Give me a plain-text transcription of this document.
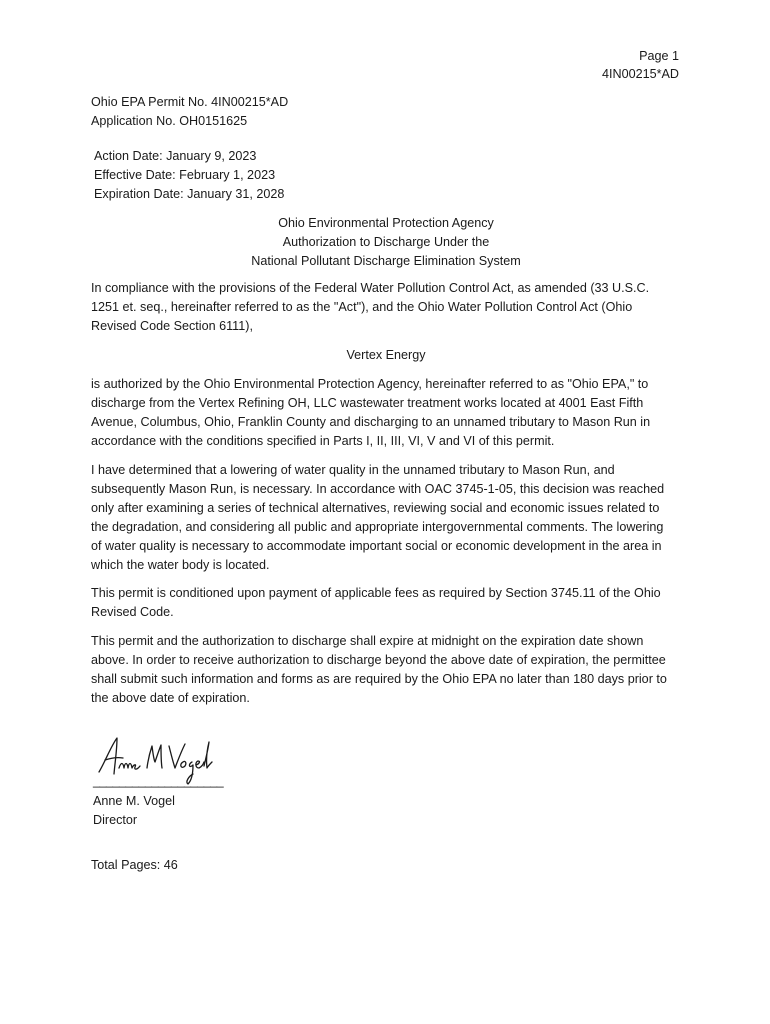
Page 1
4IN00215*AD
Ohio EPA Permit No. 4IN00215*AD
Application No. OH0151625
Action Date: January 9, 2023
Effective Date: February 1, 2023
Expiration Date: January 31, 2028
Ohio Environmental Protection Agency
Authorization to Discharge Under the
National Pollutant Discharge Elimination System
In compliance with the provisions of the Federal Water Pollution Control Act, as amended (33 U.S.C.
1251 et. seq., hereinafter referred to as the "Act"), and the Ohio Water Pollution Control Act (Ohio
Revised Code Section 6111),
Vertex Energy
is authorized by the Ohio Environmental Protection Agency, hereinafter referred to as "Ohio EPA," to
discharge from the Vertex Refining OH, LLC wastewater treatment works located at 4001 East Fifth
Avenue, Columbus, Ohio, Franklin County and discharging to an unnamed tributary to Mason Run in
accordance with the conditions specified in Parts I, II, III, VI, V and VI of this permit.
I have determined that a lowering of water quality in the unnamed tributary to Mason Run, and
subsequently Mason Run, is necessary. In accordance with OAC 3745-1-05, this decision was reached
only after examining a series of technical alternatives, reviewing social and economic issues related to
the degradation, and considering all public and appropriate intergovernmental comments. The lowering
of water quality is necessary to accommodate important social or economic development in the area in
which the water body is located.
This permit is conditioned upon payment of applicable fees as required by Section 3745.11 of the Ohio
Revised Code.
This permit and the authorization to discharge shall expire at midnight on the expiration date shown
above. In order to receive authorization to discharge beyond the above date of expiration, the permittee
shall submit such information and forms as are required by the Ohio EPA no later than 180 days prior to
the above date of expiration.
____________________
Anne M. Vogel
Director
Total Pages: 46
